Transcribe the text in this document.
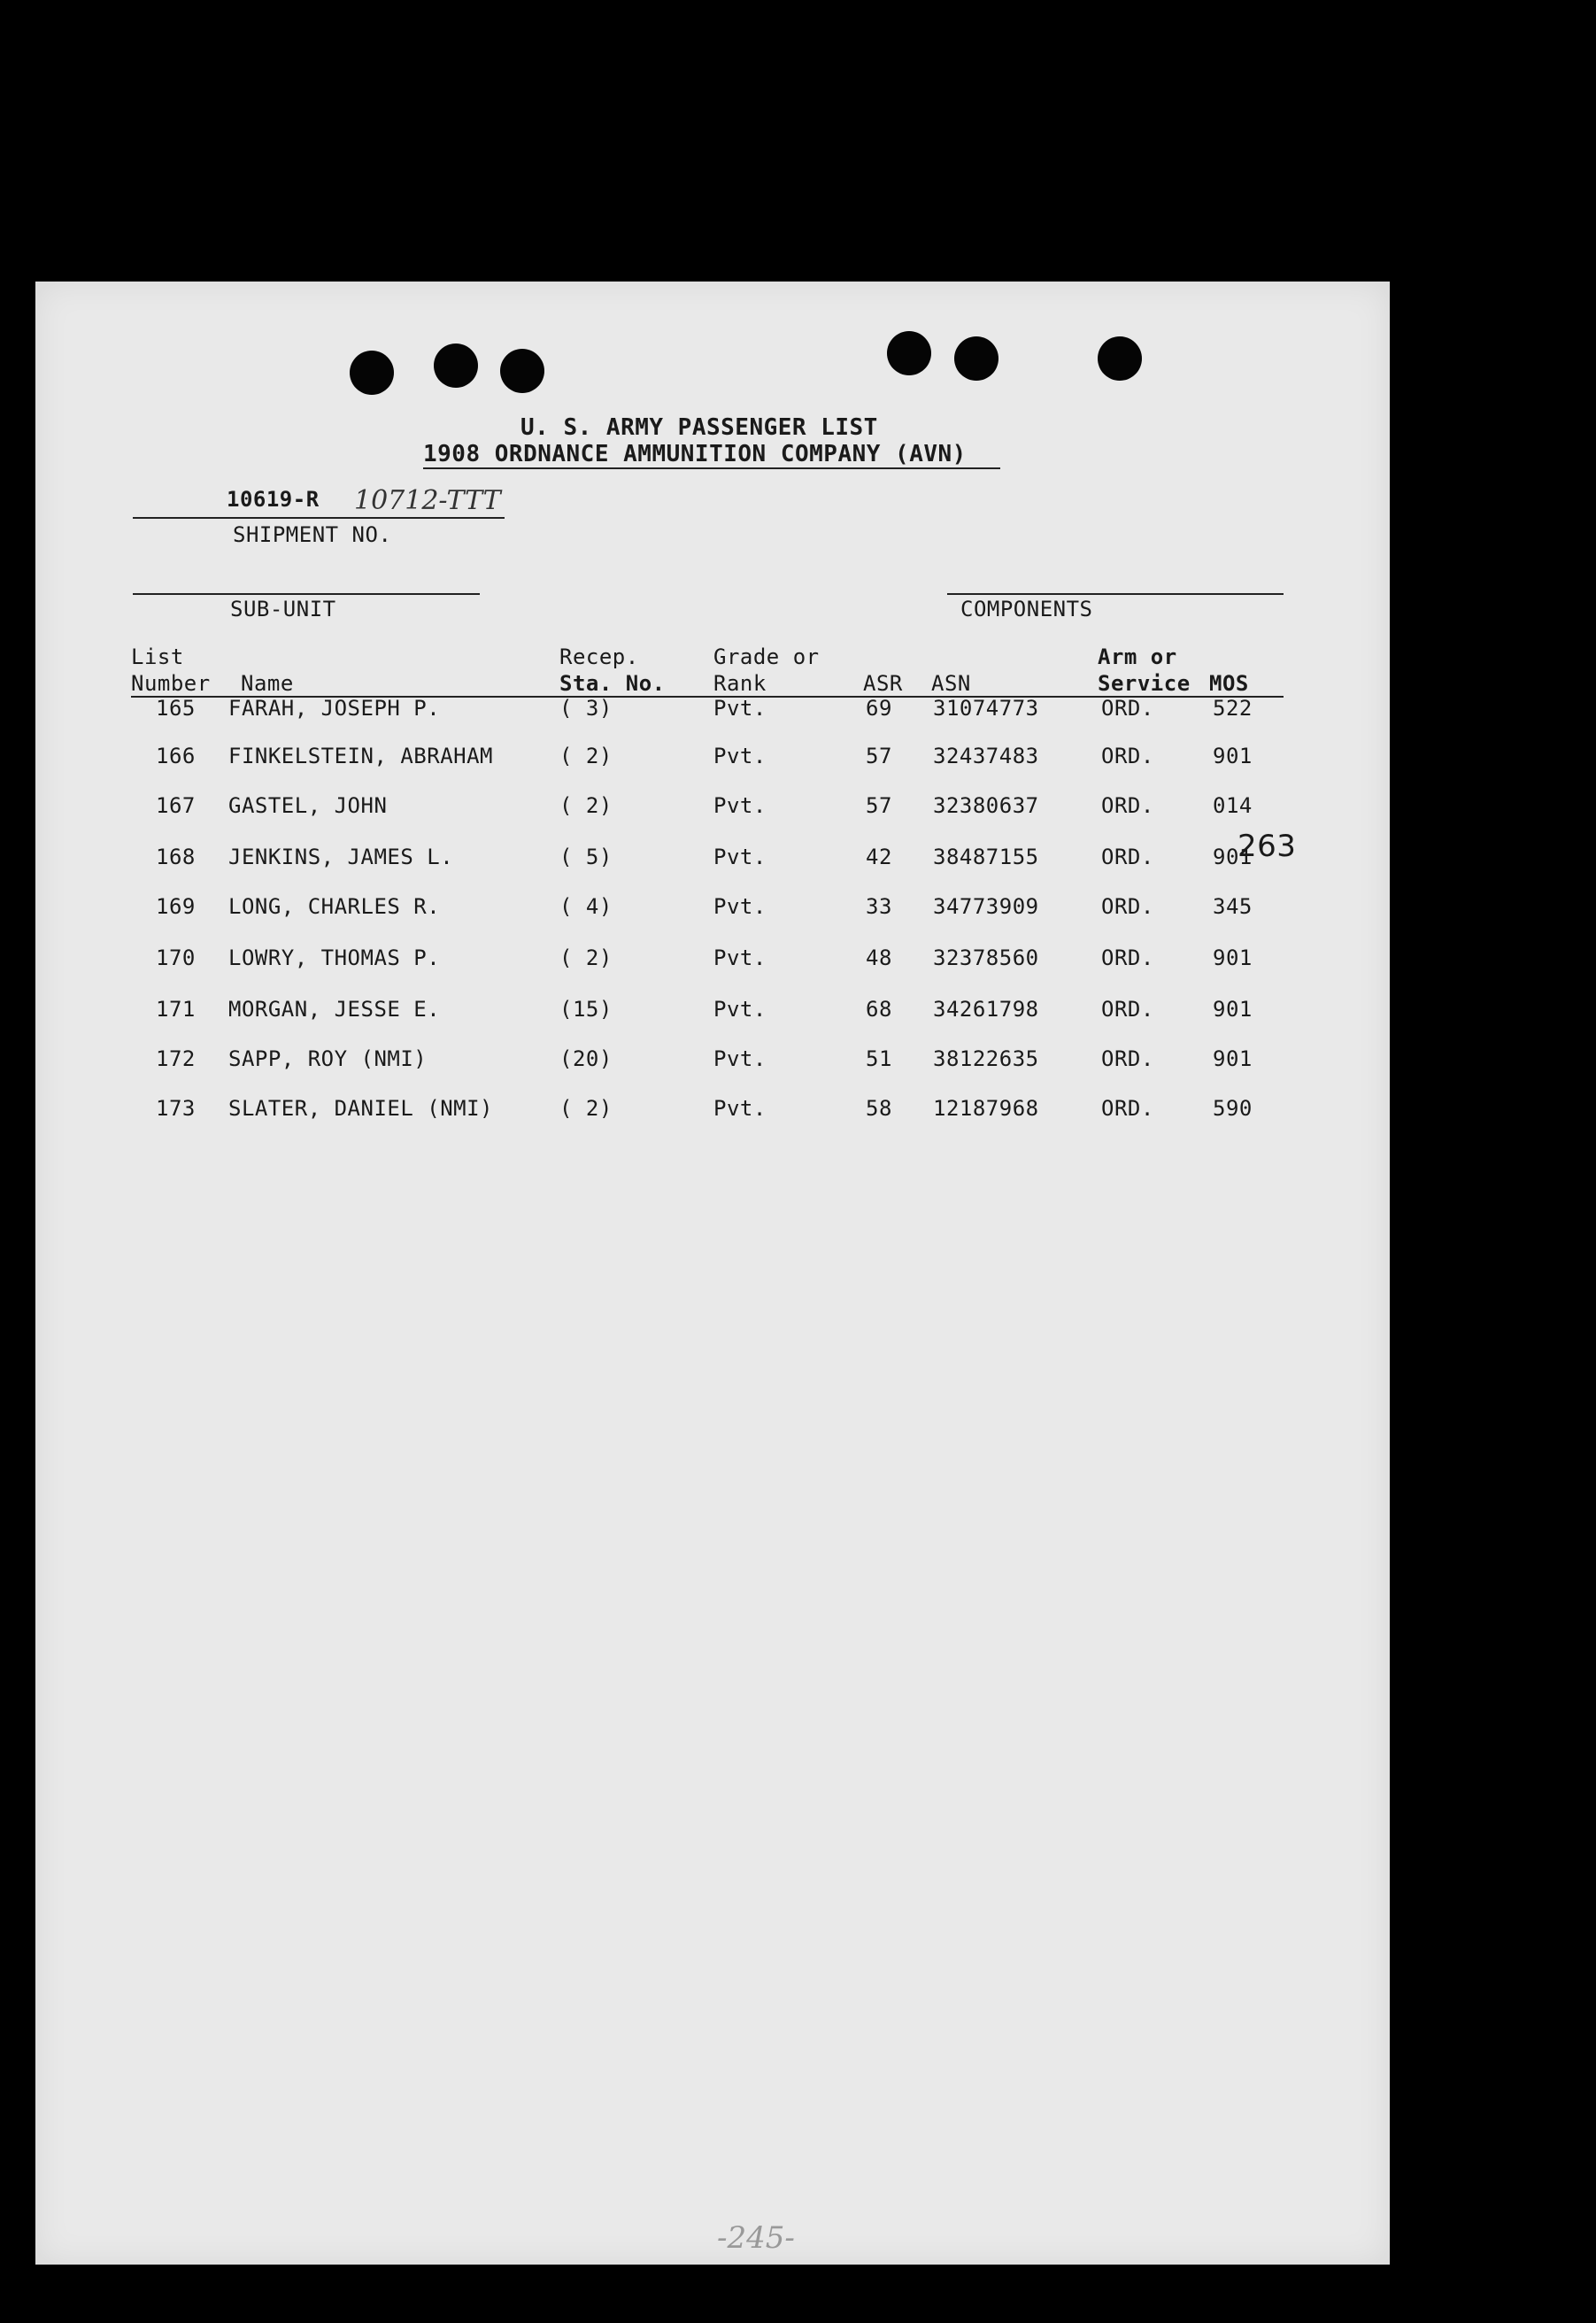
U. S. ARMY PASSENGER LIST
1908 ORDNANCE AMMUNITION COMPANY (AVN)
10619-R 10712-TTT
SHIPMENT NO.
SUB-UNIT	COMPONENTS
List
Number Name
Recep.
Sta. No.
Grade or
Rank	ASR ASN
Arm or
Service MOS
165 FARAH, JOSEPH P.	( 3)	Pvt.	69 31074773	ORD.	522
166 FINKELSTEIN, ABRAHAM	( 2)	Pvt.	57 32437483	ORD.	901
167 GASTEL, JOHN	( 2)	Pvt.	57 32380637	ORD.	014
168 JENKINS, JAMES L.	( 5)	Pvt.	42 38487155	ORD.	901
169 LONG, CHARLES R.	( 4)	Pvt.	33 34773909	ORD.	345
170 LOWRY, THOMAS P.	( 2)	Pvt.	48 32378560	ORD.	901
171 MORGAN, JESSE E.	(15)	Pvt.	68 34261798	ORD.	901
172 SAPP, ROY (NMI)	(20)	Pvt.	51 38122635	ORD.	901
173 SLATER, DANIEL (NMI)	( 2)	Pvt.	58 12187968	ORD.	590
263
-245-
